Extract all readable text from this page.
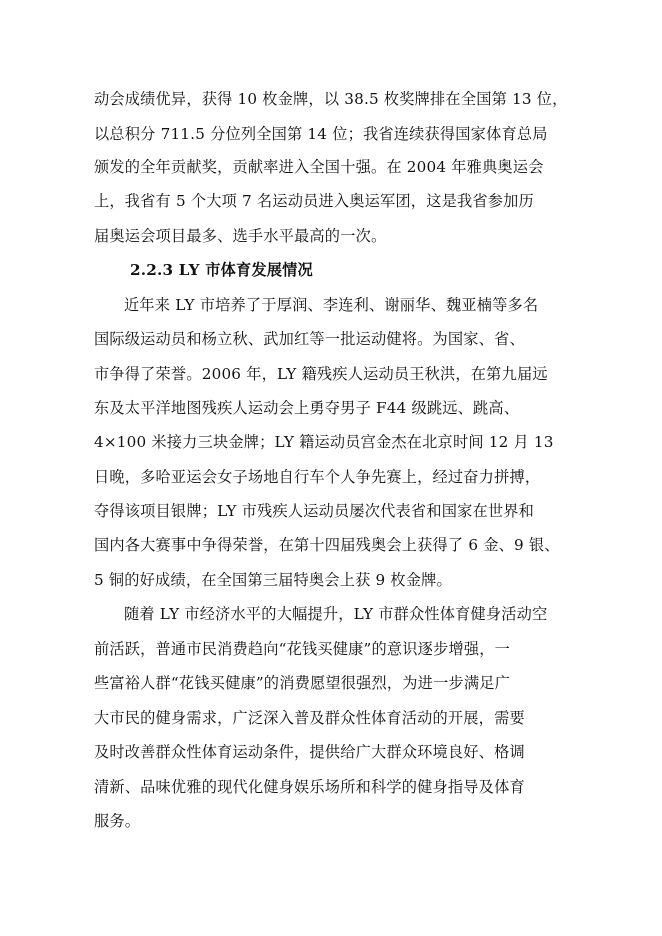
动会成绩优异，获得 10 枚金牌，以 38.5 枚奖牌排在全国第 13 位，
以总积分 711.5 分位列全国第 14 位；我省连续获得国家体育总局
颁发的全年贡献奖，贡献率进入全国十强。在 2004 年雅典奥运会
上，我省有 5 个大项 7 名运动员进入奥运军团，这是我省参加历
届奥运会项目最多、选手水平最高的一次。
2.2.3 LY 市体育发展情况
近年来 LY 市培养了于厚润、李连利、谢丽华、魏亚楠等多名
国际级运动员和杨立秋、武加红等一批运动健将。为国家、省、
市争得了荣誉。2006 年，LY 籍残疾人运动员王秋洪，在第九届远
东及太平洋地图残疾人运动会上勇夺男子 F44 级跳远、跳高、
4×100 米接力三块金牌；LY 籍运动员宫金杰在北京时间 12 月 13
日晚，多哈亚运会女子场地自行车个人争先赛上，经过奋力拼搏，
夺得该项目银牌；LY 市残疾人运动员屡次代表省和国家在世界和
国内各大赛事中争得荣誉，在第十四届残奥会上获得了 6 金、9 银、
5 铜的好成绩，在全国第三届特奥会上获 9 枚金牌。
随着 LY 市经济水平的大幅提升，LY 市群众性体育健身活动空
前活跃，普通市民消费趋向“花钱买健康”的意识逐步增强，一
些富裕人群“花钱买健康”的消费愿望很强烈，为进一步满足广
大市民的健身需求，广泛深入普及群众性体育活动的开展，需要
及时改善群众性体育运动条件，提供给广大群众环境良好、格调
清新、品味优雅的现代化健身娱乐场所和科学的健身指导及体育
服务。
